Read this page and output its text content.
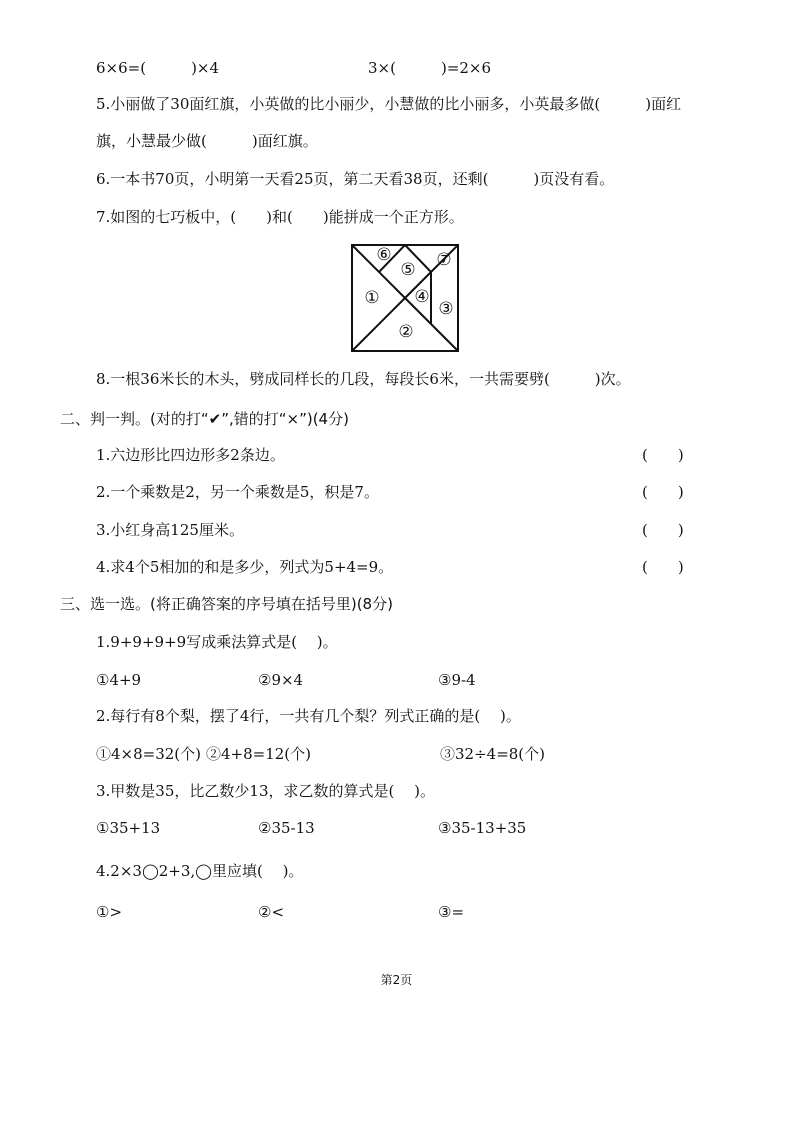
6×6=(　　　)×4	3×(　　　)=2×6
5.小丽做了30面红旗，小英做的比小丽少，小慧做的比小丽多，小英最多做(　　　)面红
旗，小慧最少做(　　　)面红旗。
6.一本书70页，小明第一天看25页，第二天看38页，还剩(　　　)页没有看。
7.如图的七巧板中，(　　)和(　　)能拼成一个正方形。
①
②
③
④
⑤
⑥	⑦
8.一根36米长的木头，劈成同样长的几段，每段长6米，一共需要劈(　　　)次。
二、判一判。(对的打“✔”,错的打“×”)(4分)
1.六边形比四边形多2条边。	(　　)
2.一个乘数是2，另一个乘数是5，积是7。	(　　)
3.小红身高125厘米。	(　　)
4.求4个5相加的和是多少，列式为5+4=9。	(　　)
三、选一选。(将正确答案的序号填在括号里)(8分)
1.9+9+9+9写成乘法算式是(　 )。
①4+9	②9×4	③9-4
2.每行有8个梨，摆了4行，一共有几个梨？列式正确的是(　 )。
①4×8=32(个) ②4+8=12(个)	③32÷4=8(个)
3.甲数是35，比乙数少13，求乙数的算式是(　 )。
①35+13	②35-13	③35-13+35
4.2×3◯2+3,◯里应填(　 )。
①>	②<	③=
第2页
